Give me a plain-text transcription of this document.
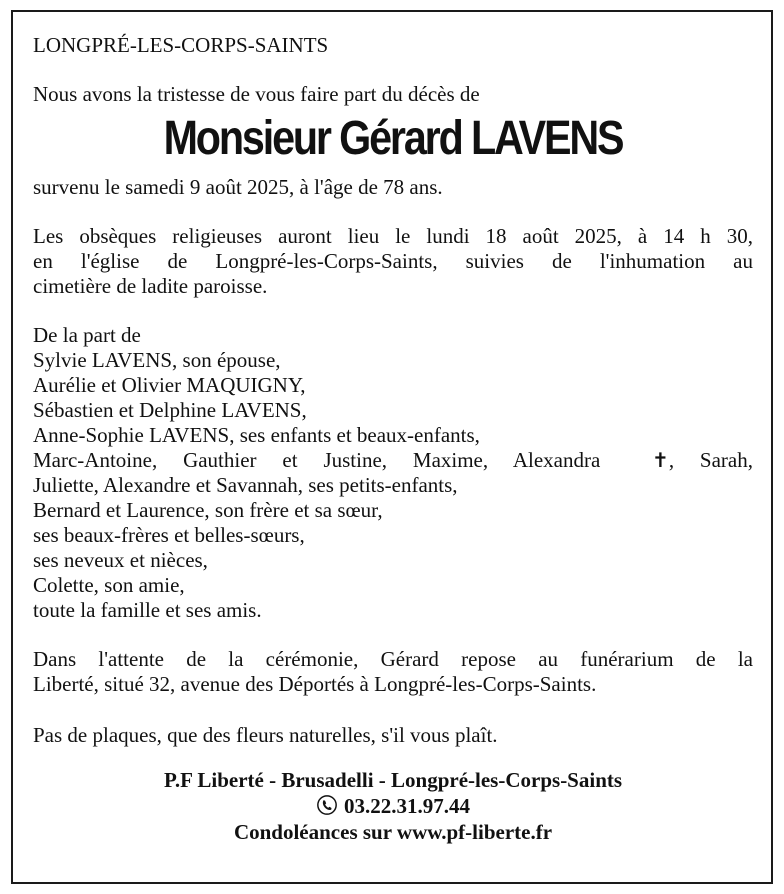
LONGPRÉ-LES-CORPS-SAINTS

Nous avons la tristesse de vous faire part du décès de

Monsieur Gérard LAVENS

survenu le samedi 9 août 2025, à l'âge de 78 ans.

Les obsèques religieuses auront lieu le lundi 18 août 2025, à 14 h 30,
en l'église de Longpré-les-Corps-Saints, suivies de l'inhumation au
cimetière de ladite paroisse.
De la part de
Sylvie LAVENS, son épouse,
Aurélie et Olivier MAQUIGNY,
Sébastien et Delphine LAVENS,
Anne-Sophie LAVENS, ses enfants et beaux-enfants,
Marc-Antoine, Gauthier et Justine, Maxime, Alexandra	✝, Sarah,
Juliette, Alexandre et Savannah, ses petits-enfants,
Bernard et Laurence, son frère et sa sœur,
ses beaux-frères et belles-sœurs,
ses neveux et nièces,
Colette, son amie,
toute la famille et ses amis.
Dans l'attente de la cérémonie, Gérard repose au funérarium de la
Liberté, situé 32, avenue des Déportés à Longpré-les-Corps-Saints.

Pas de plaques, que des fleurs naturelles, s'il vous plaît.

P.F Liberté - Brusadelli - Longpré-les-Corps-Saints
03.22.31.97.44
Condoléances sur www.pf-liberte.fr
